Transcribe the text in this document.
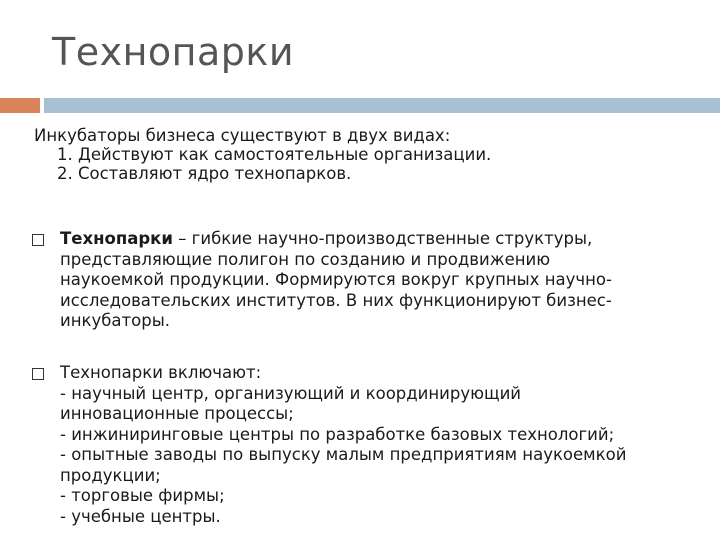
Технопарки
Инкубаторы бизнеса существуют в двух видах:
1. Действуют как самостоятельные организации.
2. Составляют ядро технопарков.
Технопарки – гибкие научно-производственные структуры,
представляющие полигон по созданию и продвижению
наукоемкой продукции. Формируются вокруг крупных научно-
исследовательских институтов. В них функционируют бизнес-
инкубаторы.
Технопарки включают:
- научный центр, организующий и координирующий
инновационные процессы;
- инжиниринговые центры по разработке базовых технологий;
- опытные заводы по выпуску малым предприятиям наукоемкой
продукции;
- торговые фирмы;
- учебные центры.
